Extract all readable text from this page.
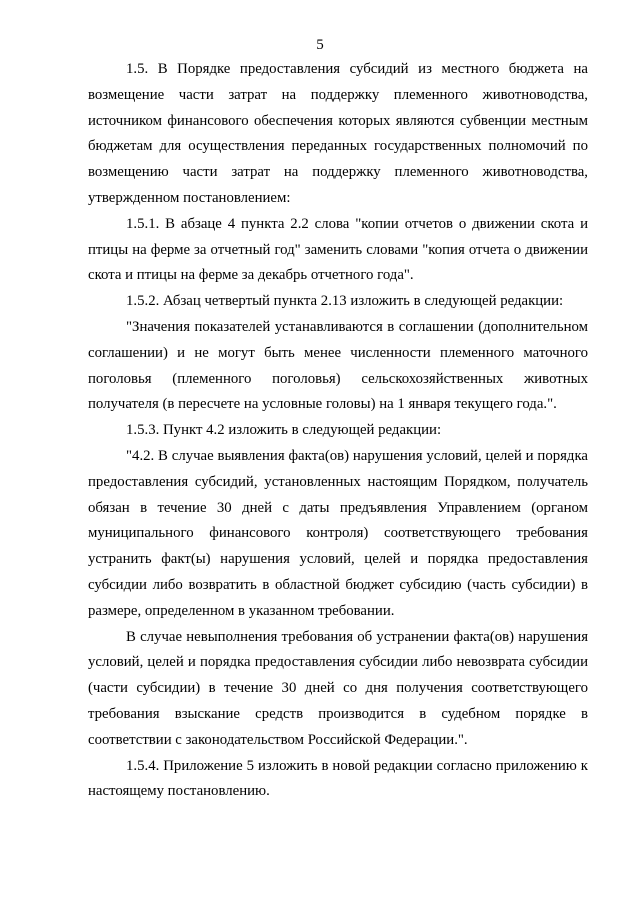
5

1.5. В Порядке предоставления субсидий из местного бюджета на возмещение части затрат на поддержку племенного животноводства, источником финансового обеспечения которых являются субвенции местным бюджетам для осуществления переданных государственных полномочий по возмещению части затрат на поддержку племенного животноводства, утвержденном постановлением:

1.5.1. В абзаце 4 пункта 2.2 слова "копии отчетов о движении скота и птицы на ферме за отчетный год" заменить словами "копия отчета о движении скота и птицы на ферме за декабрь отчетного года".

1.5.2. Абзац четвертый пункта 2.13 изложить в следующей редакции:

"Значения показателей устанавливаются в соглашении (дополнительном соглашении) и не могут быть менее численности племенного маточного поголовья (племенного поголовья) сельскохозяйственных животных получателя (в пересчете на условные головы) на 1 января текущего года.".

1.5.3. Пункт 4.2 изложить в следующей редакции:

"4.2. В случае выявления факта(ов) нарушения условий, целей и порядка предоставления субсидий, установленных настоящим Порядком, получатель обязан в течение 30 дней с даты предъявления Управлением (органом муниципального финансового контроля) соответствующего требования устранить факт(ы) нарушения условий, целей и порядка предоставления субсидии либо возвратить в областной бюджет субсидию (часть субсидии) в размере, определенном в указанном требовании.

В случае невыполнения требования об устранении факта(ов) нарушения условий, целей и порядка предоставления субсидии либо невозврата субсидии (части субсидии) в течение 30 дней со дня получения соответствующего требования взыскание средств производится в судебном порядке в соответствии с законодательством Российской Федерации.".

1.5.4. Приложение 5 изложить в новой редакции согласно приложению к настоящему постановлению.
